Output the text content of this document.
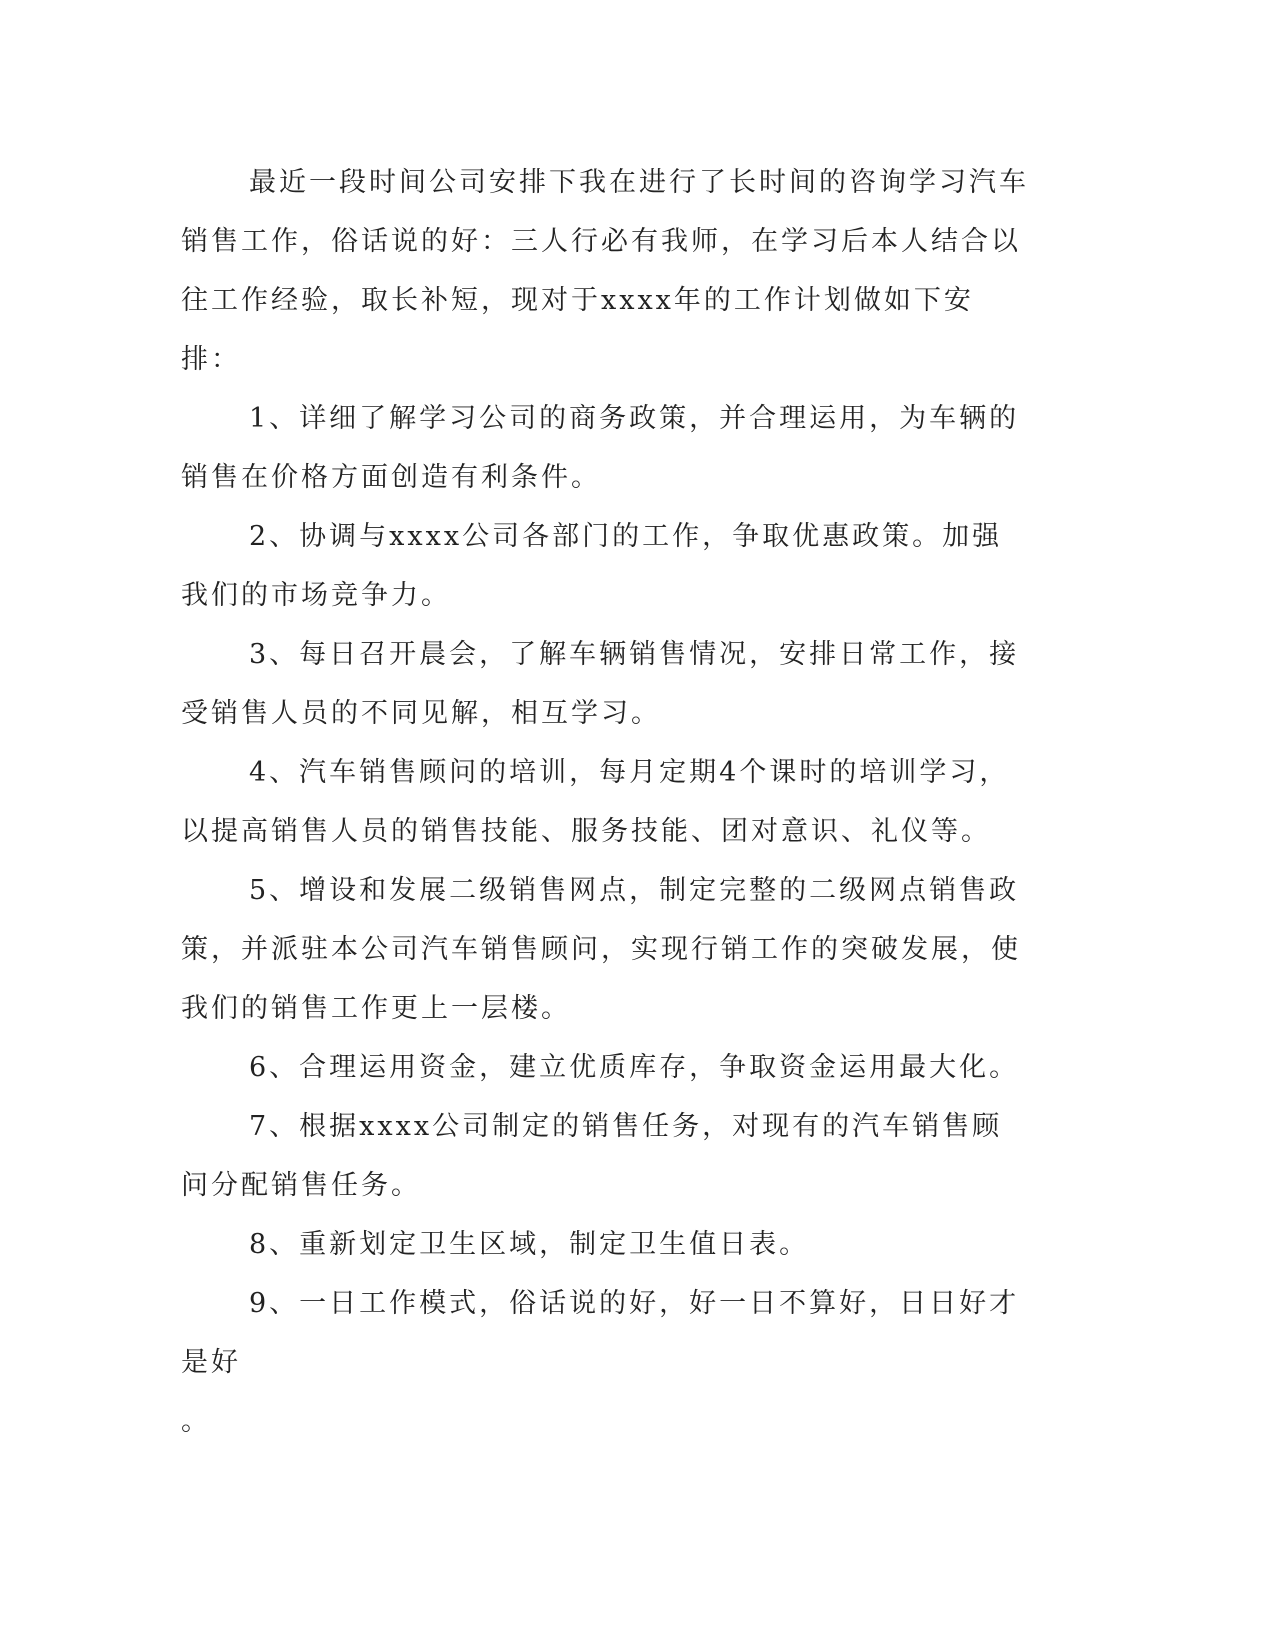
最近一段时间公司安排下我在进行了长时间的咨询学习汽车销售工作，俗话说的好：三人行必有我师，在学习后本人结合以往工作经验，取长补短，现对于xxxx年的工作计划做如下安排：

1、详细了解学习公司的商务政策，并合理运用，为车辆的销售在价格方面创造有利条件。

2、协调与xxxx公司各部门的工作，争取优惠政策。加强我们的市场竞争力。

3、每日召开晨会，了解车辆销售情况，安排日常工作，接受销售人员的不同见解，相互学习。

4、汽车销售顾问的培训，每月定期4个课时的培训学习，以提高销售人员的销售技能、服务技能、团对意识、礼仪等。

5、增设和发展二级销售网点，制定完整的二级网点销售政策，并派驻本公司汽车销售顾问，实现行销工作的突破发展，使我们的销售工作更上一层楼。

6、合理运用资金，建立优质库存，争取资金运用最大化。

7、根据xxxx公司制定的销售任务，对现有的汽车销售顾问分配销售任务。

8、重新划定卫生区域，制定卫生值日表。

9、一日工作模式，俗话说的好，好一日不算好，日日好才是好

。
